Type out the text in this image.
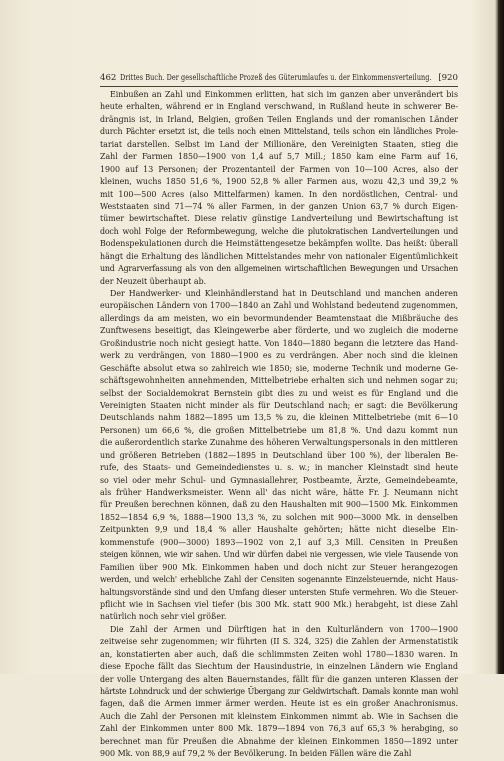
462 Drittes Buch. Der gesellschaftliche Prozeß des Güterumlaufes u. der Einkommensverteilung. [920
Einbußen an Zahl und Einkommen erlitten, hat sich im ganzen aber unverändert bis
heute erhalten, während er in England verschwand, in Rußland heute in schwerer Be-
drängnis ist, in Irland, Belgien, großen Teilen Englands und der romanischen Länder
durch Pächter ersetzt ist, die teils noch einen Mittelstand, teils schon ein ländliches Prole-
tariat darstellen. Selbst im Land der Millionäre, den Vereinigten Staaten, stieg die
Zahl der Farmen 1850—1900 von 1,4 auf 5,7 Mill.; 1850 kam eine Farm auf 16,
1900 auf 13 Personen; der Prozentanteil der Farmen von 10—100 Acres, also der
kleinen, wuchs 1850 51,6 %, 1900 52,8 % aller Farmen aus, wozu 42,3 und 39,2 %
mit 100—500 Acres (also Mittelfarmen) kamen. In den nordöstlichen, Central- und
Weststaaten sind 71—74 % aller Farmen, in der ganzen Union 63,7 % durch Eigen-
tümer bewirtschaftet. Diese relativ günstige Landverteilung und Bewirtschaftung ist
doch wohl Folge der Reformbewegung, welche die plutokratischen Landverteilungen und
Bodenspekulationen durch die Heimstättengesetze bekämpfen wollte. Das heißt: überall
hängt die Erhaltung des ländlichen Mittelstandes mehr von nationaler Eigentümlichkeit
und Agrarverfassung als von den allgemeinen wirtschaftlichen Bewegungen und Ursachen
der Neuzeit überhaupt ab.
Der Handwerker- und Kleinhändlerstand hat in Deutschland und manchen anderen
europäischen Ländern von 1700—1840 an Zahl und Wohlstand bedeutend zugenommen,
allerdings da am meisten, wo ein bevormundender Beamtenstaat die Mißbräuche des
Zunftwesens beseitigt, das Kleingewerbe aber förderte, und wo zugleich die moderne
Großindustrie noch nicht gesiegt hatte. Von 1840—1880 begann die letztere das Hand-
werk zu verdrängen, von 1880—1900 es zu verdrängen. Aber noch sind die kleinen
Geschäfte absolut etwa so zahlreich wie 1850; sie, moderne Technik und moderne Ge-
schäftsgewohnheiten annehmenden, Mittelbetriebe erhalten sich und nehmen sogar zu;
selbst der Socialdemokrat Bernstein gibt dies zu und weist es für England und die
Vereinigten Staaten nicht minder als für Deutschland nach; er sagt: die Bevölkerung
Deutschlands nahm 1882—1895 um 13,5 % zu, die kleinen Mittelbetriebe (mit 6—10
Personen) um 66,6 %, die großen Mittelbetriebe um 81,8 %. Und dazu kommt nun
die außerordentlich starke Zunahme des höheren Verwaltungspersonals in den mittleren
und größeren Betrieben (1882—1895 in Deutschland über 100 %), der liberalen Be-
rufe, des Staats- und Gemeindedienstes u. s. w.; in mancher Kleinstadt sind heute
so viel oder mehr Schul- und Gymnasiallehrer, Postbeamte, Ärzte, Gemeindebeamte,
als früher Handwerksmeister. Wenn all' das nicht wäre, hätte Fr. J. Neumann nicht
für Preußen berechnen können, daß zu den Haushalten mit 900—1500 Mk. Einkommen
1852—1854 6,9 %, 1888—1900 13,3 %, zu solchen mit 900—3000 Mk. in denselben
Zeitpunkten 9,9 und 18,4 % aller Haushalte gehörten; hätte nicht dieselbe Ein-
kommenstufe (900—3000) 1893—1902 von 2,1 auf 3,3 Mill. Censiten in Preußen
steigen können, wie wir sahen. Und wir dürfen dabei nie vergessen, wie viele Tausende von
Familien über 900 Mk. Einkommen haben und doch nicht zur Steuer herangezogen
werden, und welch' erhebliche Zahl der Censiten sogenannte Einzelsteuernde, nicht Haus-
haltungsvorstände sind und den Umfang dieser untersten Stufe vermehren. Wo die Steuer-
pflicht wie in Sachsen viel tiefer (bis 300 Mk. statt 900 Mk.) herabgeht, ist diese Zahl
natürlich noch sehr viel größer.
Die Zahl der Armen und Dürftigen hat in den Kulturländern von 1700—1900
zeitweise sehr zugenommen; wir führten (II S. 324, 325) die Zahlen der Armenstatistik
an, konstatierten aber auch, daß die schlimmsten Zeiten wohl 1780—1830 waren. In
diese Epoche fällt das Siechtum der Hausindustrie, in einzelnen Ländern wie England
der volle Untergang des alten Bauernstandes, fällt für die ganzen unteren Klassen der
härtste Lohndruck und der schwierige Übergang zur Geldwirtschaft. Damals konnte man wohl
fagen, daß die Armen immer ärmer werden. Heute ist es ein großer Anachronismus.
Auch die Zahl der Personen mit kleinstem Einkommen nimmt ab. Wie in Sachsen die
Zahl der Einkommen unter 800 Mk. 1879—1894 von 76,3 auf 65,3 % herabging, so
berechnet man für Preußen die Abnahme der kleinen Einkommen 1850—1892 unter
900 Mk. von 88,9 auf 79,2 % der Bevölkerung. In beiden Fällen wäre die Zahl
